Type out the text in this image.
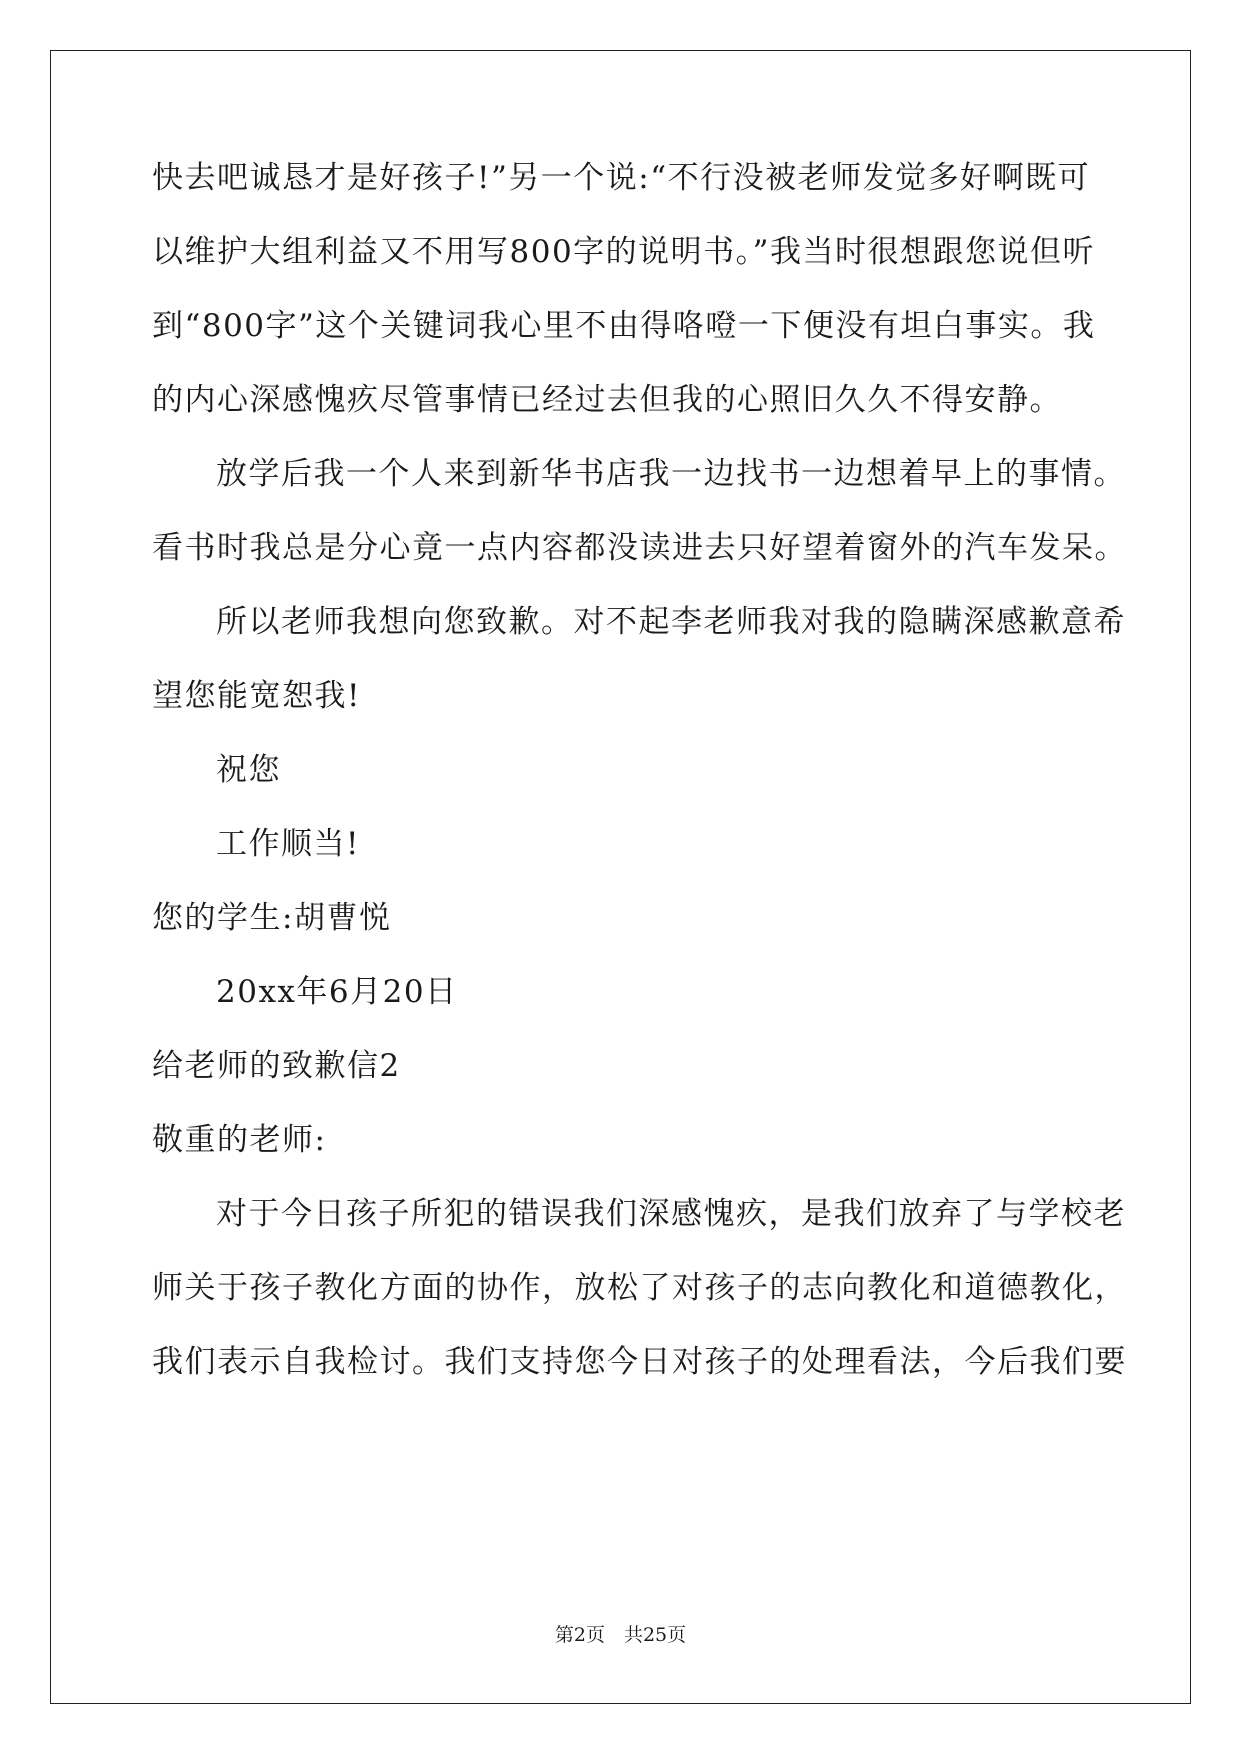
快去吧诚恳才是好孩子!”另一个说:“不行没被老师发觉多好啊既可
以维护大组利益又不用写800字的说明书。”我当时很想跟您说但听
到“800字”这个关键词我心里不由得咯噔一下便没有坦白事实。我
的内心深感愧疚尽管事情已经过去但我的心照旧久久不得安静。
放学后我一个人来到新华书店我一边找书一边想着早上的事情。
看书时我总是分心竟一点内容都没读进去只好望着窗外的汽车发呆。
所以老师我想向您致歉。对不起李老师我对我的隐瞒深感歉意希
望您能宽恕我!
祝您
工作顺当!
您的学生:胡曹悦
20xx年6月20日
给老师的致歉信2
敬重的老师:
对于今日孩子所犯的错误我们深感愧疚，是我们放弃了与学校老
师关于孩子教化方面的协作，放松了对孩子的志向教化和道德教化，
我们表示自我检讨。我们支持您今日对孩子的处理看法，今后我们要
第2页　共25页
